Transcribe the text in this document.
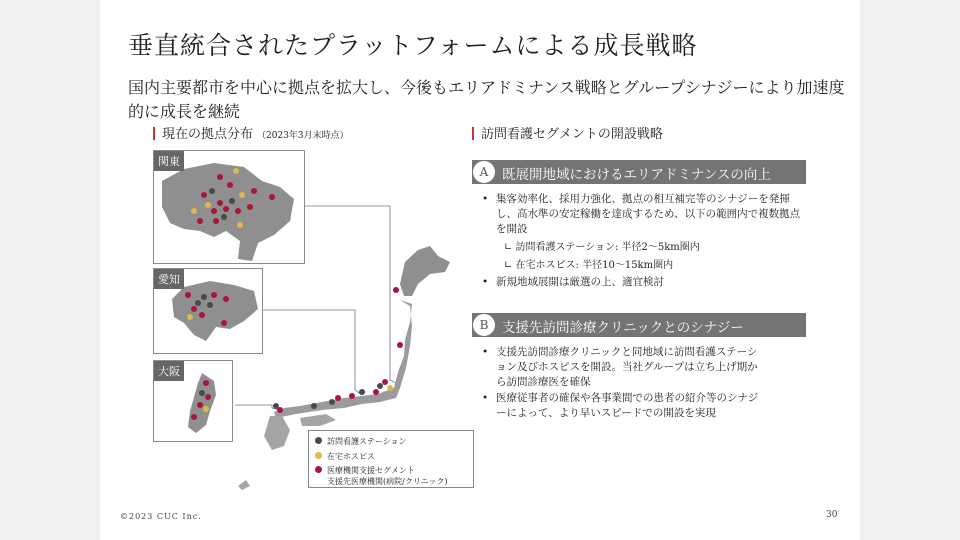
垂直統合されたプラットフォームによる成長戦略
国内主要都市を中心に拠点を拡大し、今後もエリアドミナンス戦略とグループシナジーにより加速度的に成長を継続
現在の拠点分布 （2023年3月末時点）
関東
愛知
大阪
訪問看護ステーション
在宅ホスピス
医療機関支援セグメント
支援先医療機関(病院/クリニック)
訪問看護セグメントの開設戦略
A	既展開地域におけるエリアドミナンスの向上
• 集客効率化、採用力強化、拠点の相互補完等のシナジーを発揮し、高水準の安定稼働を達成するため、以下の範囲内で複数拠点を開設
∟ 訪問看護ステーション: 半径2〜5km圏内
∟ 在宅ホスピス: 半径10〜15km圏内
• 新規地域展開は厳選の上、適宜検討
B	支援先訪問診療クリニックとのシナジー
• 支援先訪問診療クリニックと同地域に訪問看護ステーション及びホスピスを開設。当社グループは立ち上げ期から訪問診療医を確保
• 医療従事者の確保や各事業間での患者の紹介等のシナジーによって、より早いスピードでの開設を実現
©2023 CUC Inc.	30
